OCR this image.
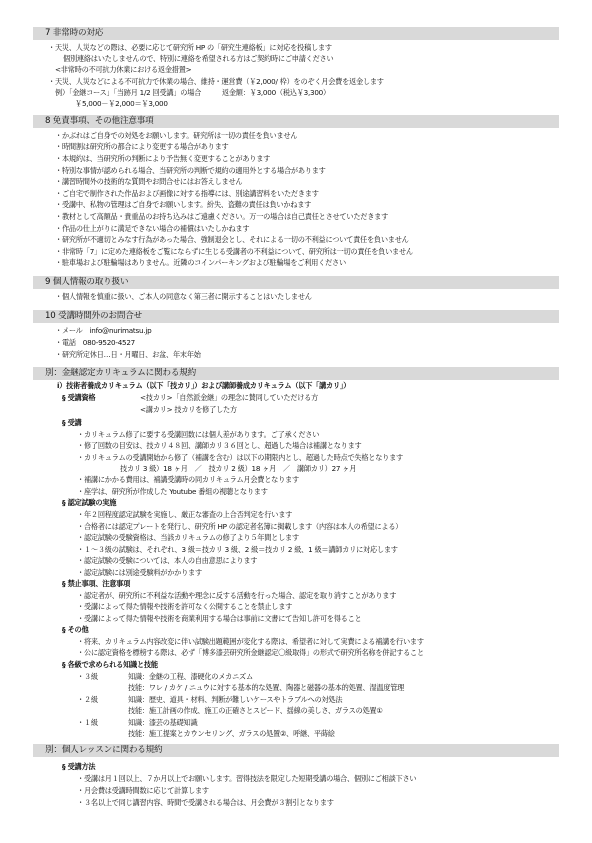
7 非常時の対応
・天災、人災などの際は、必要に応じて研究所 HP の「研究生連絡板」に対応を投稿します
個別連絡はいたしませんので、特別に連絡を希望される方はご契約時にご申請ください
<非常時の不可抗力休業における返金措置>
・天災、人災などによる不可抗力で休業の場合、維持・運営費（￥2,000/ 枠）をのぞく月会費を返金します
例）「金継コース」「当跡月 1/2 回受講」の場合　　　返金額：￥3,000（税込￥3,300）
￥5,000－￥2,000＝￥3,000
8 免責事項、その他注意事項
・かぶれはご自身での対処をお願いします。研究所は一切の責任を負いません
・時間割は研究所の都合により変更する場合があります
・本規約は、当研究所の判断により予告無く変更することがあります
・特別な事情が認められる場合、当研究所の判断で規約の適用外とする場合があります
・講習時間外の技術的な質問やお問合せにはお答えしません
・ご自宅で制作された作品および画像に対する指導には、別途講習料をいただきます
・受講中、私物の管理はご自身でお願いします。紛失、盗難の責任は負いかねます
・教材として高額品・貴重品のお持ち込みはご遠慮ください。万一の場合は自己責任とさせていただきます
・作品の仕上がりに満足できない場合の補償はいたしかねます
・研究所が不適切とみなす行為があった場合、強制退会とし、それによる一切の不利益について責任を負いません
・非常時「7」に定めた連絡板をご覧にならずに生じる受講者の不利益について、研究所は一切の責任を負いません
・駐車場および駐輪場はありません。近隣のコインパーキングおよび駐輪場をご利用ください
9 個人情報の取り扱い
・個人情報を慎重に扱い、ご本人の同意なく第三者に開示することはいたしません
10 受講時間外のお問合せ
・メール　info@nurimatsu.jp
・電話　080-9520-4527
・研究所定休日…日・月曜日、お盆、年末年始
別：金継認定カリキュラムに関わる規約
ⅰ）技術者養成カリキュラム（以下「技カリ」）および講師養成カリキュラム（以下「講カリ」）
§ 受講資格	<技カリ>「自然派金継」の理念に賛同していただける方
<講カリ> 技カリを修了した方
§ 受講
・カリキュラム修了に要する受講回数には個人差があります。ご了承ください
・修了回数の目安は、技カリ４８回、講師カリ３６回とし、超過した場合は補講となります
・カリキュラムの受講開始から修了（補講を含む）は以下の期限内とし、超過した時点で失格となります
技カリ 3 級）18 ヶ月　／　技カリ 2 級）18 ヶ月　／　講師カリ）27 ヶ月
・補講にかかる費用は、補講受講時の同カリキュラム月会費となります
・座学は、研究所が作成した Youtube 番組の視聴となります
§ 認定試験の実施
・年２回程度認定試験を実施し、厳正な審査の上合否判定を行います
・合格者には認定プレートを発行し、研究所 HP の認定者名簿に掲載します（内容は本人の希望による）
・認定試験の受験資格は、当該カリキュラムの修了より５年間とします
・１～３級の試験は、それぞれ、3 級＝技カリ 3 級、2 級＝技カリ 2 級、1 級＝講師カリに対応します
・認定試験の受験については、本人の自由意思によります
・認定試験には別途受験料がかかります
§ 禁止事項、注意事項
・認定者が、研究所に不利益な活動や理念に反する活動を行った場合、認定を取り消すことがあります
・受講によって得た情報や技術を許可なく公開することを禁止します
・受講によって得た情報や技術を商業利用する場合は事前に文書にて告知し許可を得ること
§ その他
・将来、カリキュラム内容改変に伴い試験出題範囲が変化する際は、希望者に対して実費による補講を行います
・公に認定資格を標榜する際は、必ず「博多漆芸研究所金継認定〇級取得」の形式で研究所名称を併記すること
§ 各級で求められる知識と技能
・３級	知識：金継の工程、漆硬化のメカニズム
技能：ワレ / カケ / ニュウに対する基本的な処置、陶器と磁器の基本的処置、湿温度管理
・２級	知識：歴史、道具・材料、判断が難しいケースやトラブルへの対処法
技能：施工計画の作成、施工の正確さとスピード、揺線の美しさ、ガラスの処置①
・１級	知識：漆芸の基礎知識
技能：施工提案とカウンセリング、ガラスの処置②、呼継、平蒔絵
別：個人レッスンに関わる規約
§ 受講方法
・受講は月１回以上、７か月以上でお願いします。習得技法を限定した短期受講の場合、個別にご相談下さい
・月会費は受講時間数に応じて計算します
・３名以上で同じ講習内容、時間で受講される場合は、月会費が３割引となります
